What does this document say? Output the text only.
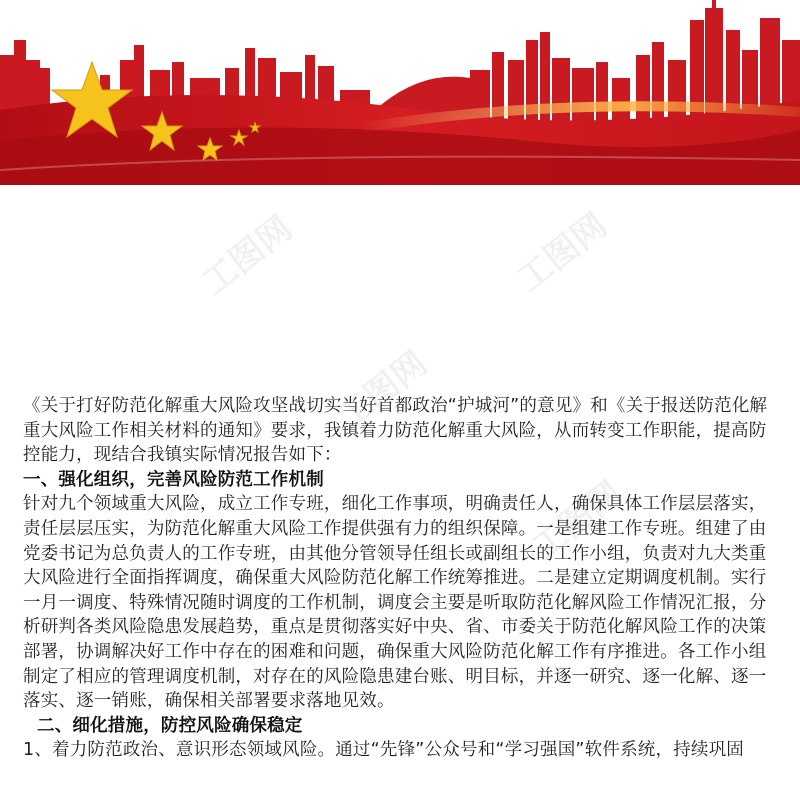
工图网	工图网
工图网
工图网

《关于打好防范化解重大风险攻坚战切实当好首都政治“护城河”的意见》和《关于报送防范化解重大风险工作相关材料的通知》要求，我镇着力防范化解重大风险，从而转变工作职能，提高防控能力，现结合我镇实际情况报告如下：

一、强化组织，完善风险防范工作机制

针对九个领域重大风险，成立工作专班，细化工作事项，明确责任人，确保具体工作层层落实，责任层层压实，为防范化解重大风险工作提供强有力的组织保障。一是组建工作专班。组建了由党委书记为总负责人的工作专班，由其他分管领导任组长或副组长的工作小组，负责对九大类重大风险进行全面指挥调度，确保重大风险防范化解工作统筹推进。二是建立定期调度机制。实行一月一调度、特殊情况随时调度的工作机制，调度会主要是听取防范化解风险工作情况汇报，分析研判各类风险隐患发展趋势，重点是贯彻落实好中央、省、市委关于防范化解风险工作的决策部署，协调解决好工作中存在的困难和问题，确保重大风险防范化解工作有序推进。各工作小组制定了相应的管理调度机制，对存在的风险隐患建台账、明目标，并逐一研究、逐一化解、逐一落实、逐一销账，确保相关部署要求落地见效。

二、细化措施，防控风险确保稳定

1、着力防范政治、意识形态领域风险。通过“先锋”公众号和“学习强国”软件系统，持续巩固
